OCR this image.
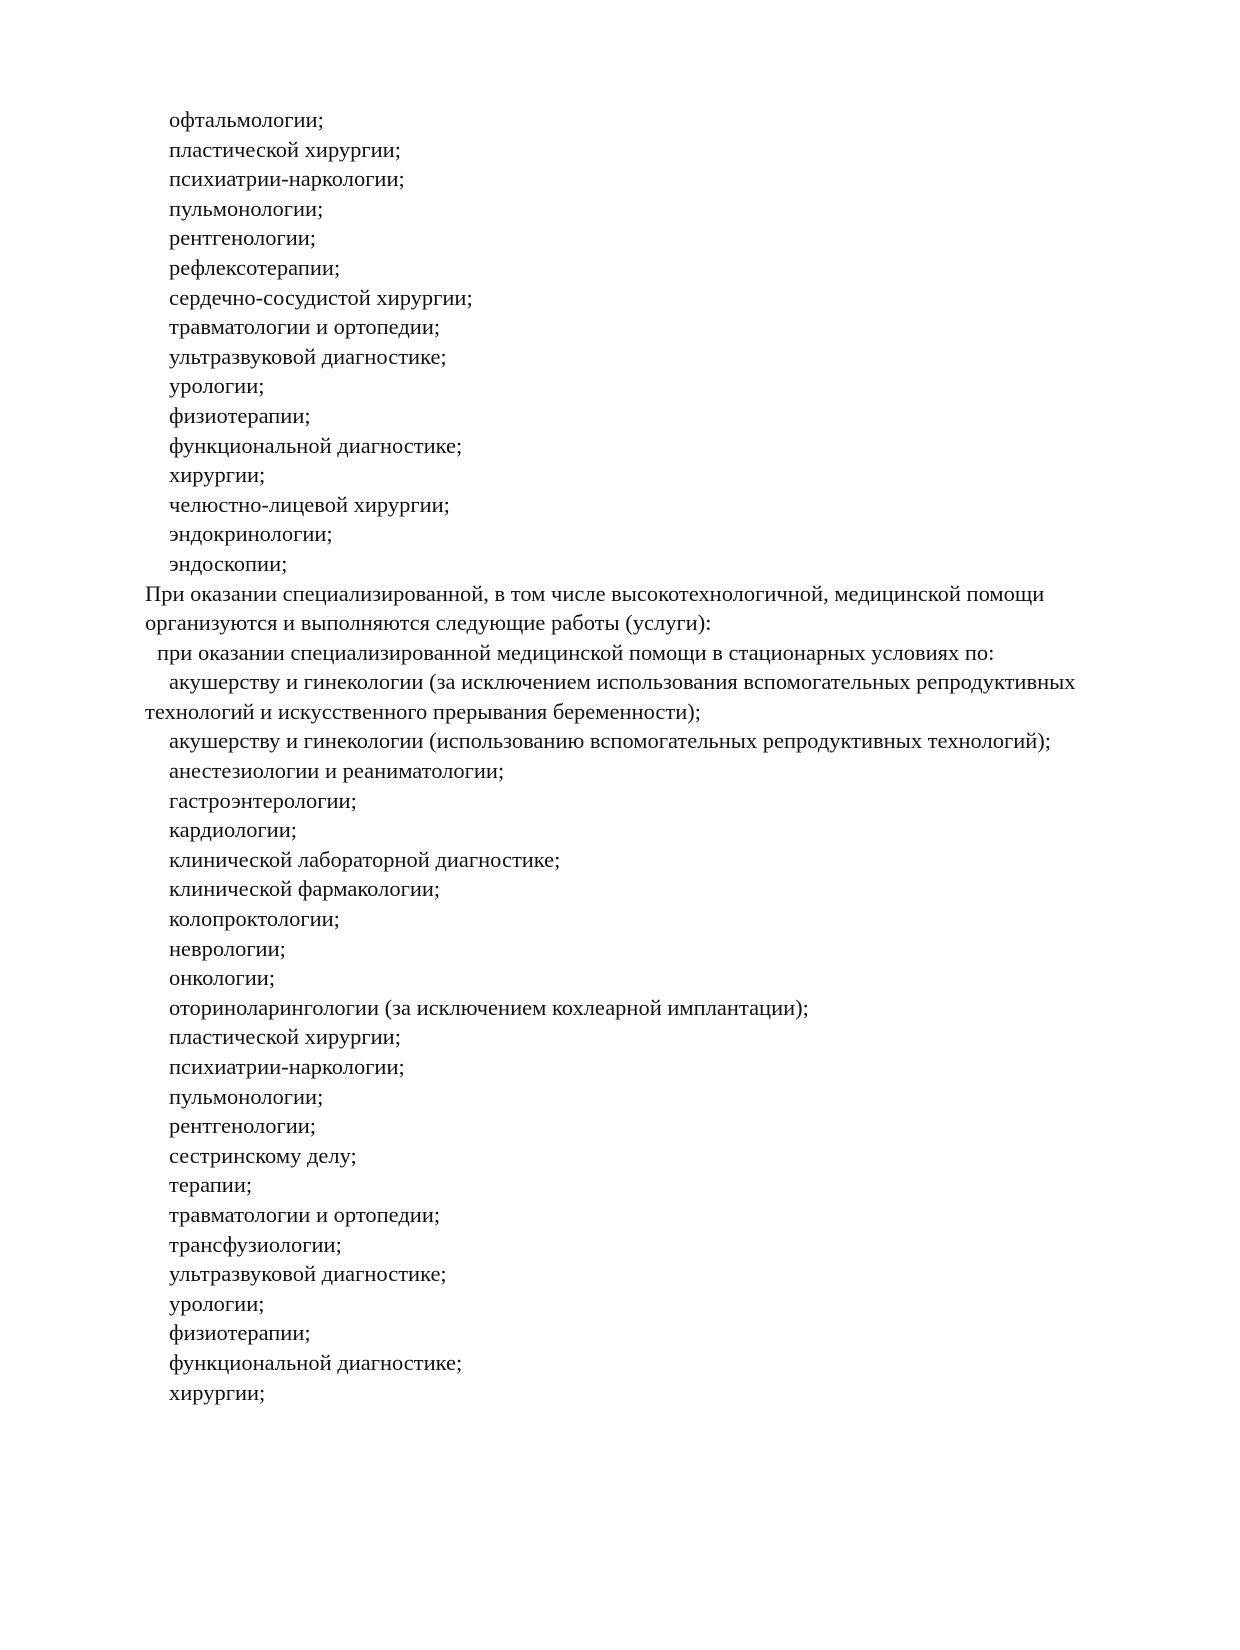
офтальмологии;
пластической хирургии;
психиатрии-наркологии;
пульмонологии;
рентгенологии;
рефлексотерапии;
сердечно-сосудистой хирургии;
травматологии и ортопедии;
ультразвуковой диагностике;
урологии;
физиотерапии;
функциональной диагностике;
хирургии;
челюстно-лицевой хирургии;
эндокринологии;
эндоскопии;
При оказании специализированной, в том числе высокотехнологичной, медицинской помощи организуются и выполняются следующие работы (услуги):
при оказании специализированной медицинской помощи в стационарных условиях по:
акушерству и гинекологии (за исключением использования вспомогательных репродуктивных технологий и искусственного прерывания беременности);
акушерству и гинекологии (использованию вспомогательных репродуктивных технологий);
анестезиологии и реаниматологии;
гастроэнтерологии;
кардиологии;
клинической лабораторной диагностике;
клинической фармакологии;
колопроктологии;
неврологии;
онкологии;
оториноларингологии (за исключением кохлеарной имплантации);
пластической хирургии;
психиатрии-наркологии;
пульмонологии;
рентгенологии;
сестринскому делу;
терапии;
травматологии и ортопедии;
трансфузиологии;
ультразвуковой диагностике;
урологии;
физиотерапии;
функциональной диагностике;
хирургии;
